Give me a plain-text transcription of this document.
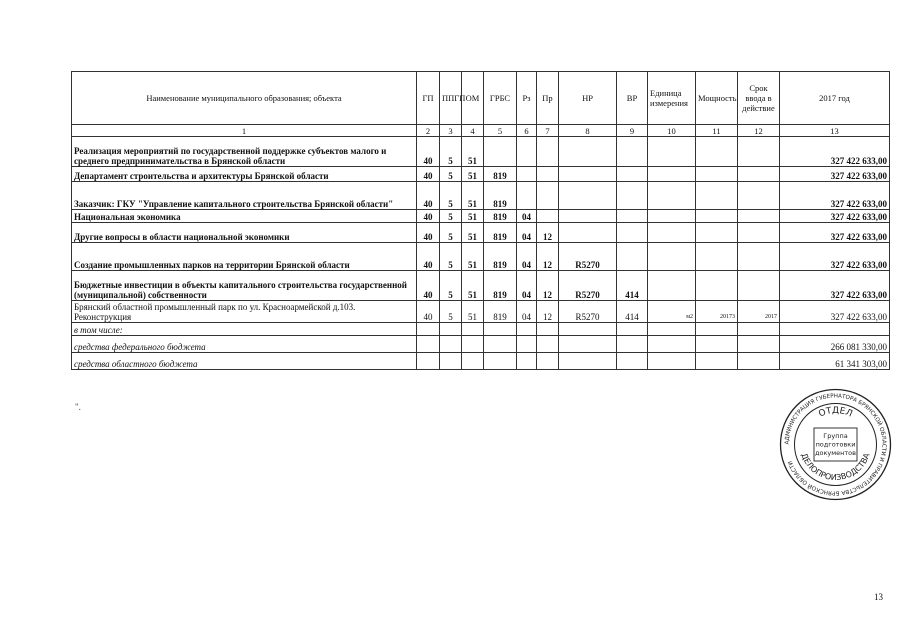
Наименование муниципального образования; объекта	ГП	ППГП	ОМ	ГРБС	Рз	Пр	НР	ВР	Единица измерения	Мощность	Срок ввода в действие	2017 год
1	2	3	4	5	6	7	8	9	10	11	12	13
Реализация мероприятий по государственной поддержке субъектов малого и среднего предпринимательства в Брянской области	40	5	51									327 422 633,00
Департамент строительства и архитектуры Брянской области	40	5	51	819								327 422 633,00
Заказчик: ГКУ "Управление капитального строительства Брянской области"	40	5	51	819								327 422 633,00
Национальная экономика	40	5	51	819	04							327 422 633,00
Другие вопросы в области национальной экономики	40	5	51	819	04	12						327 422 633,00
Создание промышленных парков на территории Брянской области	40	5	51	819	04	12	R5270					327 422 633,00
Бюджетные инвестиции в объекты капитального строительства государственной (муниципальной) собственности	40	5	51	819	04	12	R5270	414				327 422 633,00
Брянский областной промышленный парк по ул. Красноармейской д.103. Реконструкция	40	5	51	819	04	12	R5270	414	м2	20173	2017	327 422 633,00
в том числе:												
средства федерального бюджета												266 081 330,00
средства областного бюджета												61 341 303,00
".
АДМИНИСТРАЦИЯ ГУБЕРНАТОРА БРЯНСКОЙ ОБЛАСТИ И ПРАВИТЕЛЬСТВА БРЯНСКОЙ ОБЛАСТИ
ОТДЕЛ
ДЕЛОПРОИЗВОДСТВА
Группа
подготовки
документов
13
